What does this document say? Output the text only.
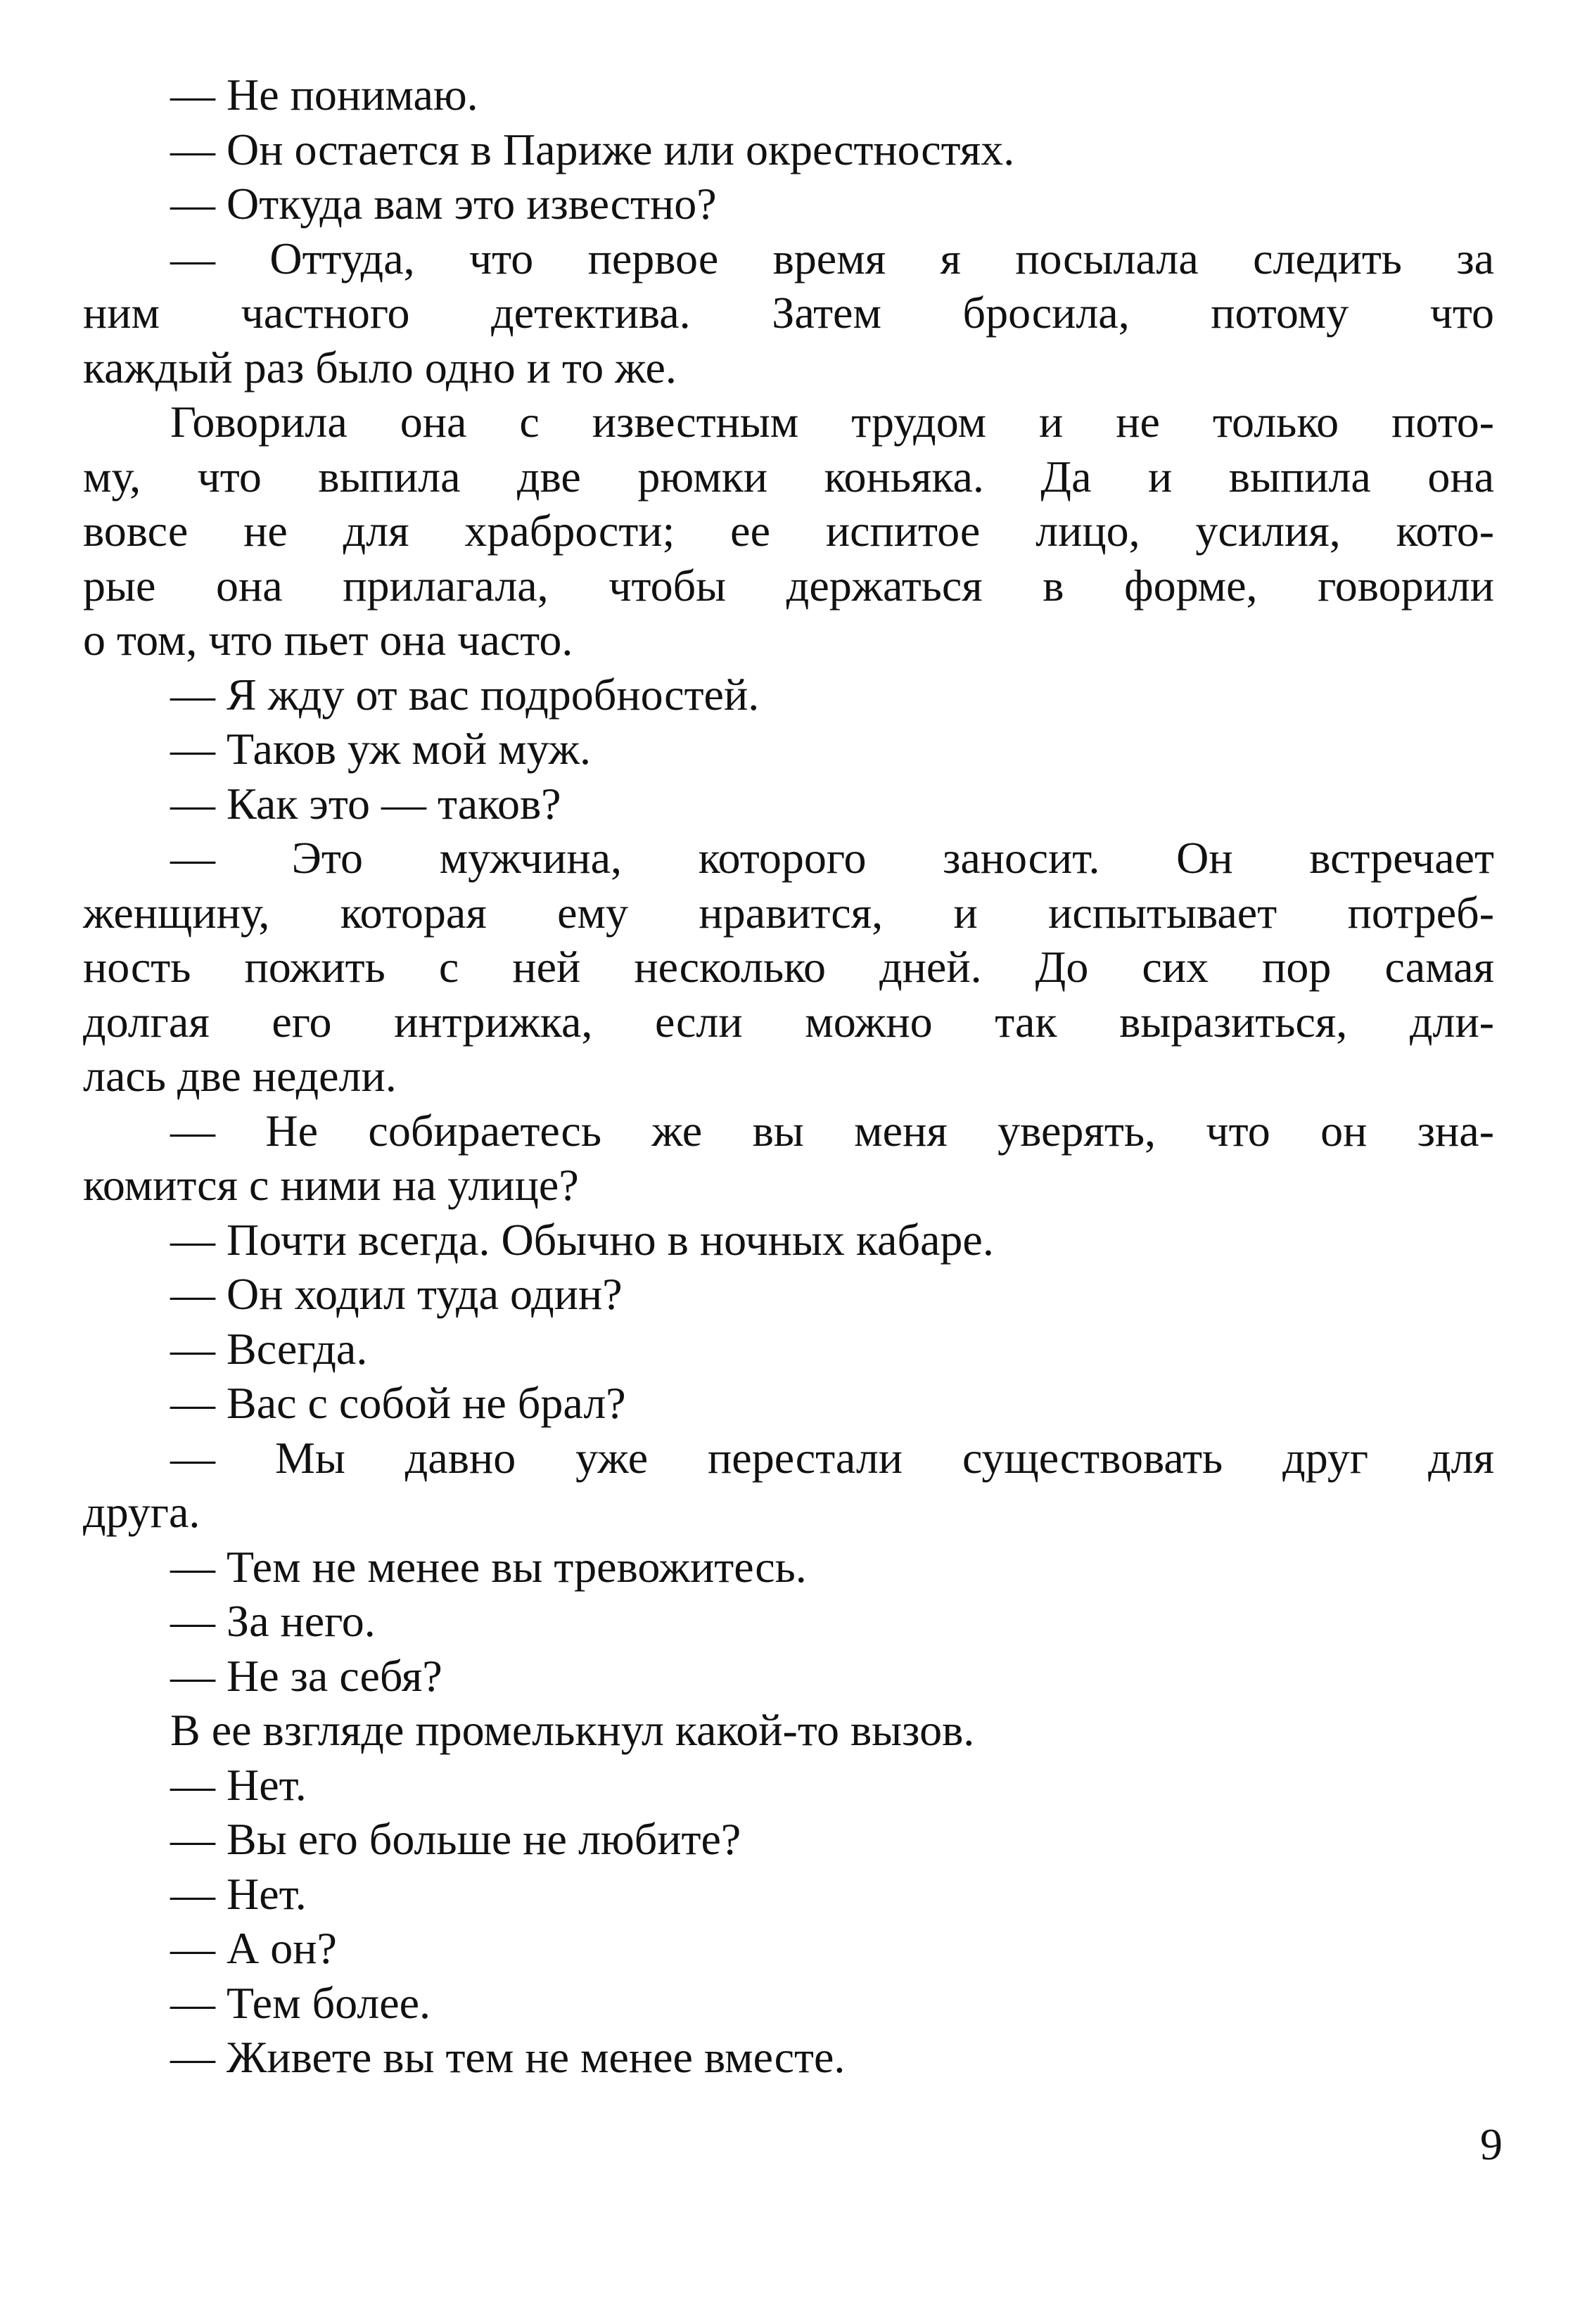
— Не понимаю.
— Он остается в Париже или окрестностях.
— Откуда вам это известно?
— Оттуда, что первое время я посылала следить за
ним частного детектива. Затем бросила, потому что
каждый раз было одно и то же.
Говорила она с известным трудом и не только пото-
му, что выпила две рюмки коньяка. Да и выпила она
вовсе не для храбрости; ее испитое лицо, усилия, кото-
рые она прилагала, чтобы держаться в форме, говорили
о том, что пьет она часто.
— Я жду от вас подробностей.
— Таков уж мой муж.
— Как это — таков?
— Это мужчина, которого заносит. Он встречает
женщину, которая ему нравится, и испытывает потреб-
ность пожить с ней несколько дней. До сих пор самая
долгая его интрижка, если можно так выразиться, дли-
лась две недели.
— Не собираетесь же вы меня уверять, что он зна-
комится с ними на улице?
— Почти всегда. Обычно в ночных кабаре.
— Он ходил туда один?
— Всегда.
— Вас с собой не брал?
— Мы давно уже перестали существовать друг для
друга.
— Тем не менее вы тревожитесь.
— За него.
— Не за себя?
В ее взгляде промелькнул какой-то вызов.
— Нет.
— Вы его больше не любите?
— Нет.
— А он?
— Тем более.
— Живете вы тем не менее вместе.
9
